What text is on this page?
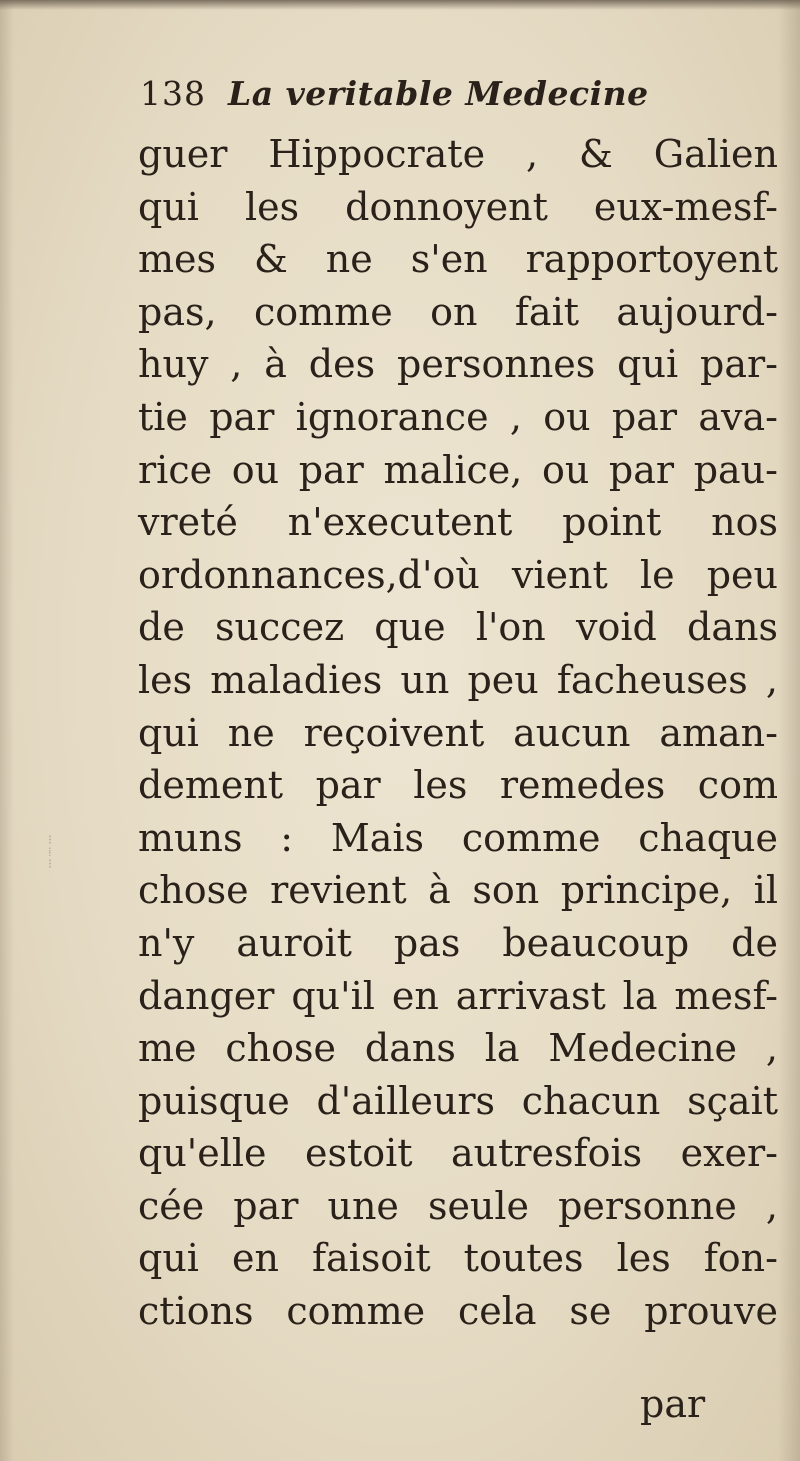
⁝
⁞
⁝
138 La veritable Medecine
guer Hippocrate , & Galien
qui les donnoyent eux-mesf-
mes & ne s'en rapportoyent
pas, comme on fait aujourd-
huy , à des personnes qui par-
tie par ignorance , ou par ava-
rice ou par malice, ou par pau-
vreté n'executent point nos
ordonnances,d'où vient le peu
de succez que l'on void dans
les maladies un peu facheuses ,
qui ne reçoivent aucun aman-
dement par les remedes com
muns : Mais comme chaque
chose revient à son principe, il
n'y auroit pas beaucoup de
danger qu'il en arrivast la mesf-
me chose dans la Medecine ,
puisque d'ailleurs chacun sçait
qu'elle estoit autresfois exer-
cée par une seule personne ,
qui en faisoit toutes les fon-
ctions comme cela se prouve
par
